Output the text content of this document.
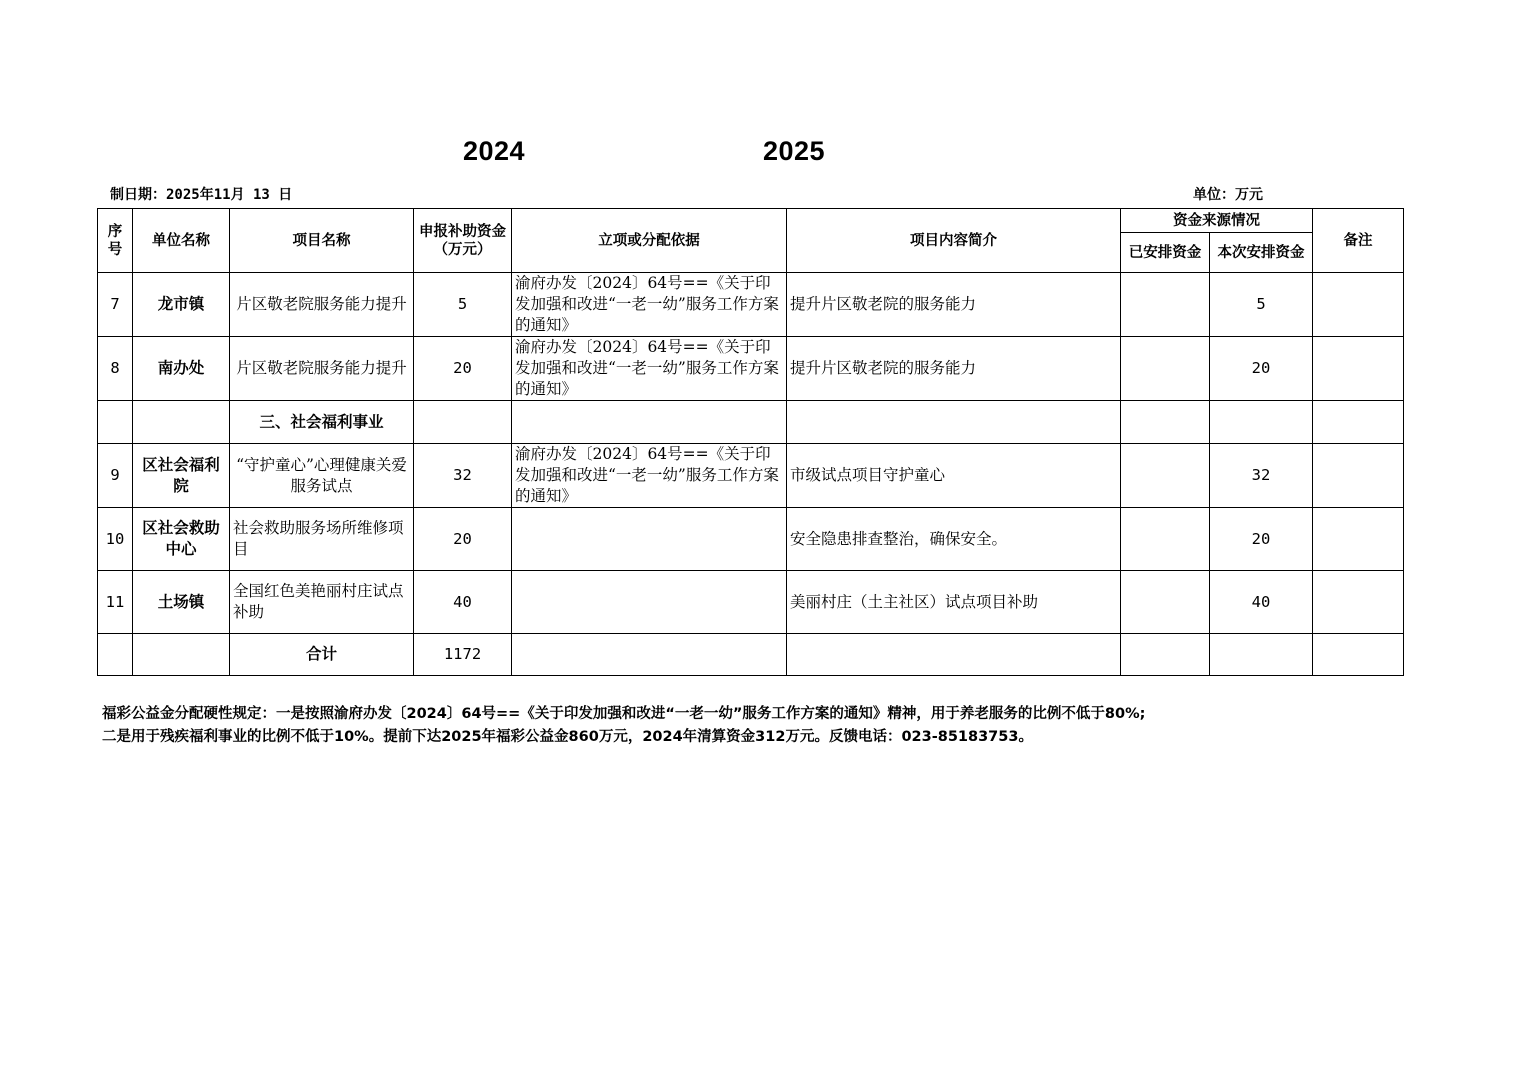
2024	2025
制日期：2025年11月 13 日	单位：万元
序号	单位名称	项目名称	申报补助资金（万元）	立项或分配依据	项目内容简介	资金来源情况		备注
						已安排资金	本次安排资金	
7	龙市镇	片区敬老院服务能力提升	5	渝府办发〔2024〕64号==《关于印发加强和改进“一老一幼”服务工作方案的通知》	提升片区敬老院的服务能力		5	
8	南办处	片区敬老院服务能力提升	20	渝府办发〔2024〕64号==《关于印发加强和改进“一老一幼”服务工作方案的通知》	提升片区敬老院的服务能力		20	
		三、社会福利事业						
9	区社会福利院	“守护童心”心理健康关爱服务试点	32	渝府办发〔2024〕64号==《关于印发加强和改进“一老一幼”服务工作方案的通知》	市级试点项目守护童心		32	
10	区社会救助中心	社会救助服务场所维修项目	20		安全隐患排查整治，确保安全。		20	
11	土场镇	全国红色美艳丽村庄试点补助	40		美丽村庄（土主社区）试点项目补助		40	
		合计	1172					
福彩公益金分配硬性规定：一是按照渝府办发〔2024〕64号==《关于印发加强和改进“一老一幼”服务工作方案的通知》精神，用于养老服务的比例不低于80%;
二是用于残疾福利事业的比例不低于10%。提前下达2025年福彩公益金860万元，2024年清算资金312万元。反馈电话：023-85183753。
